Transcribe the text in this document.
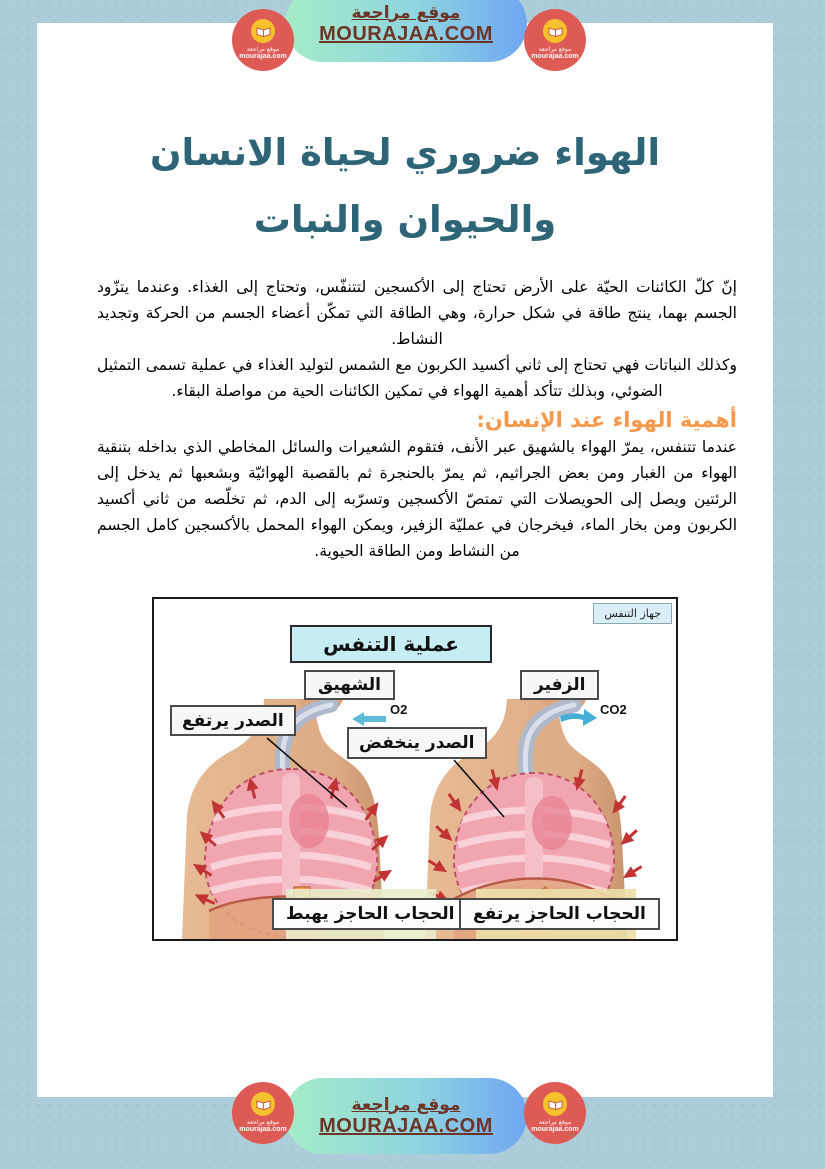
موقع مراجعة
MOURAJAA.COM
موقع مراجعة
mourajaa.com
موقع مراجعة
mourajaa.com
الهواء ضروري لحياة الانسان والحيوان والنبات

إنّ كلّ الكائنات الحيّة على الأرض تحتاج إلى الأكسجين لتتنفّس، وتحتاج إلى الغذاء. وعندما يتزّود الجسم بهما، ينتج طاقة في شكل حرارة، وهي الطاقة التي تمكّن أعضاء الجسم من الحركة وتجديد النشاط.

وكذلك النباتات فهي تحتاج إلى ثاني أكسيد الكربون مع الشمس لتوليد الغذاء في عملية تسمى التمثيل الضوئي، وبذلك تتأكد أهمية الهواء في تمكين الكائنات الحية من مواصلة البقاء.

أهمية الهواء عند الإنسان:

عندما تتنفس، يمرّ الهواء بالشهيق عبر الأنف، فتقوم الشعيرات والسائل المخاطي الذي بداخله بتنقية الهواء من الغبار ومن بعض الجراثيم، ثم يمرّ بالحنجرة ثم بالقصبة الهوائيّة وبشعبها ثم يدخل إلى الرئتين ويصل إلى الحويصلات التي تمتصّ الأكسجين وتسرّبه إلى الدم، ثم تخلّصه من ثاني أكسيد الكربون ومن بخار الماء، فيخرجان في عمليّة الزفير، ويمكن الهواء المحمل بالأكسجين كامل الجسم من النشاط ومن الطاقة الحيوية.

جهاز التنفس
عملية التنفس
الشهيق	الزفير
الصدر يرتفع
الصدر ينخفض
O2	CO2
الحجاب الحاجز يهبط	الحجاب الحاجز يرتفع
موقع مراجعة
MOURAJAA.COM
موقع مراجعة
mourajaa.com
موقع مراجعة
mourajaa.com
